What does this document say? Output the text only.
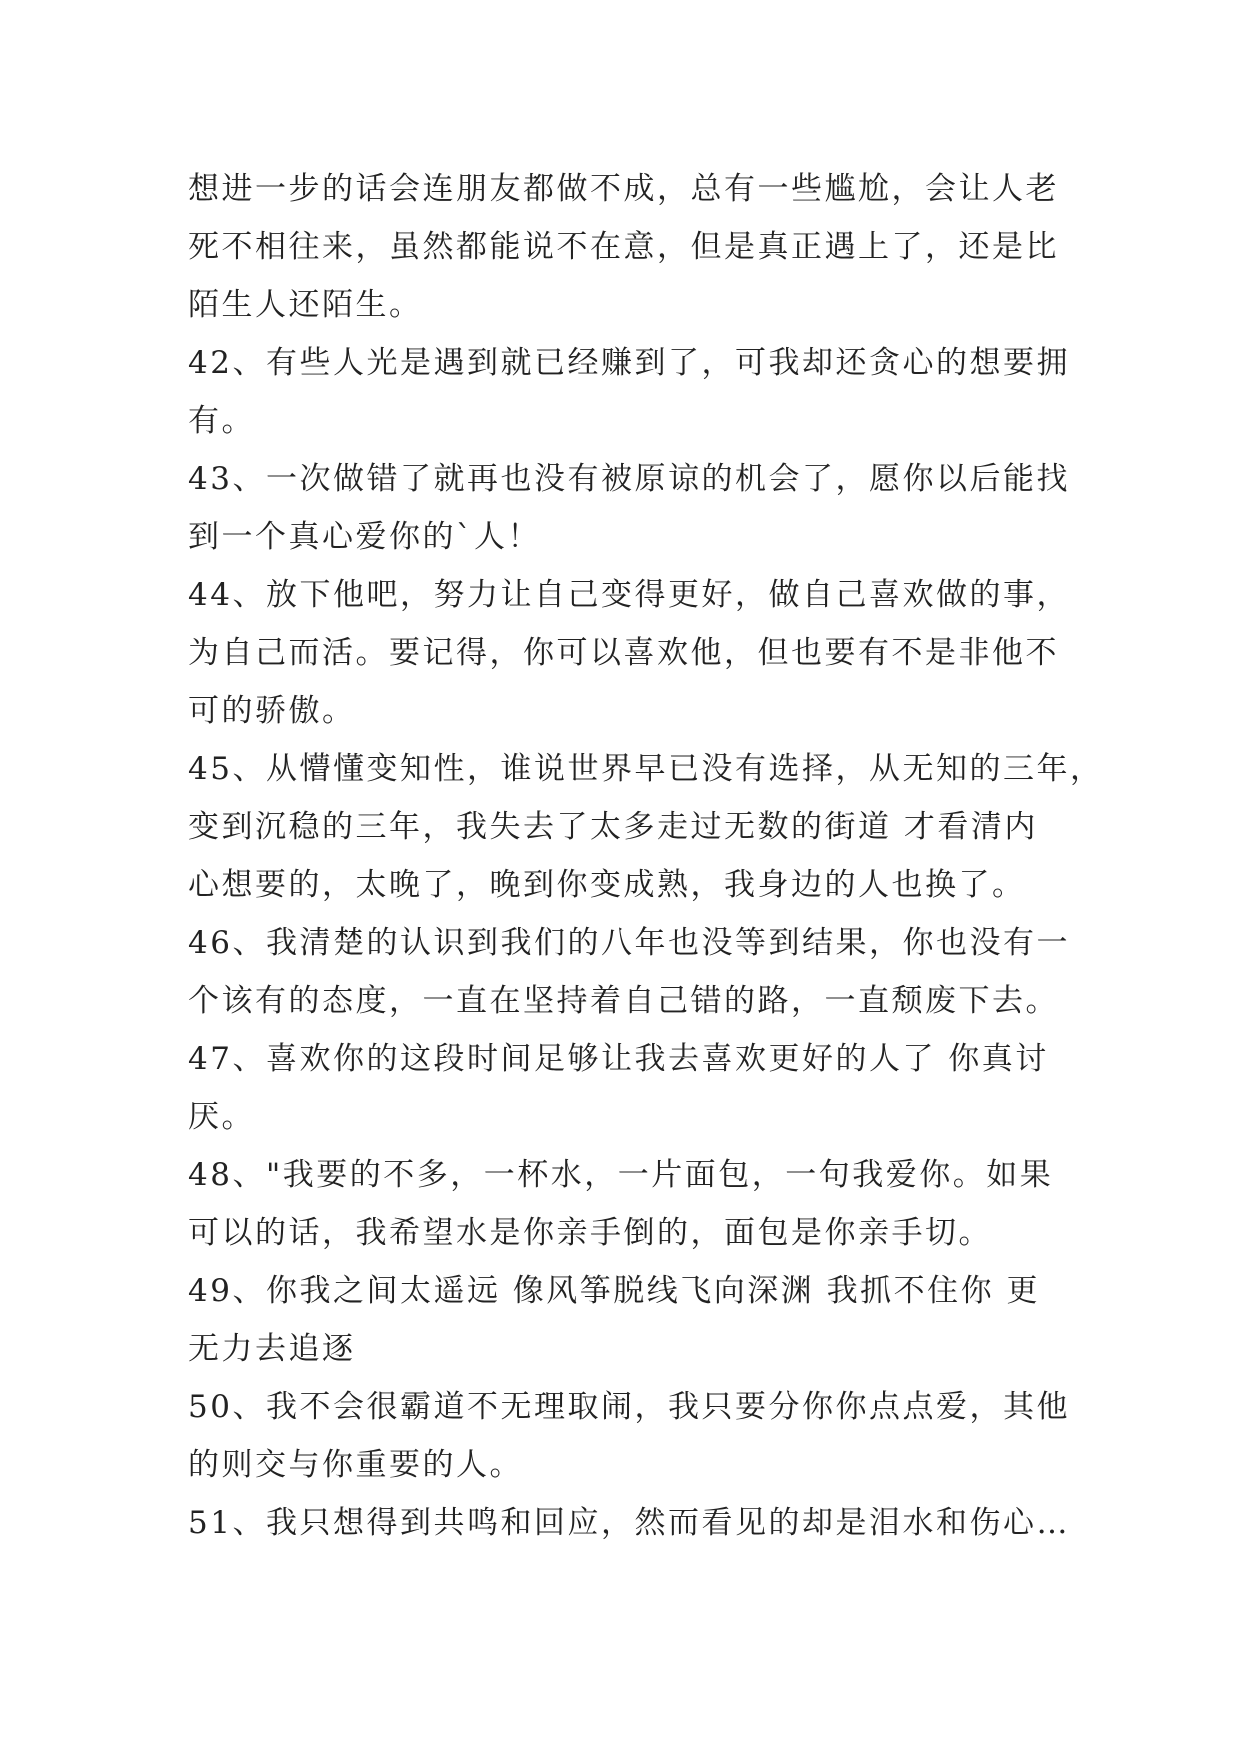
想进一步的话会连朋友都做不成，总有一些尴尬，会让人老
死不相往来，虽然都能说不在意，但是真正遇上了，还是比
陌生人还陌生。
42、有些人光是遇到就已经赚到了，可我却还贪心的想要拥
有。
43、一次做错了就再也没有被原谅的机会了，愿你以后能找
到一个真心爱你的`人！
44、放下他吧，努力让自己变得更好，做自己喜欢做的事，
为自己而活。要记得，你可以喜欢他，但也要有不是非他不
可的骄傲。
45、从懵懂变知性，谁说世界早已没有选择，从无知的三年，
变到沉稳的三年，我失去了太多走过无数的街道 才看清内
心想要的，太晚了，晚到你变成熟，我身边的人也换了。
46、我清楚的认识到我们的八年也没等到结果，你也没有一
个该有的态度，一直在坚持着自己错的路，一直颓废下去。
47、喜欢你的这段时间足够让我去喜欢更好的人了 你真讨
厌。
48、"我要的不多，一杯水，一片面包，一句我爱你。如果
可以的话，我希望水是你亲手倒的，面包是你亲手切。
49、你我之间太遥远 像风筝脱线飞向深渊 我抓不住你 更
无力去追逐
50、我不会很霸道不无理取闹，我只要分你你点点爱，其他
的则交与你重要的人。
51、我只想得到共鸣和回应，然而看见的却是泪水和伤心…
